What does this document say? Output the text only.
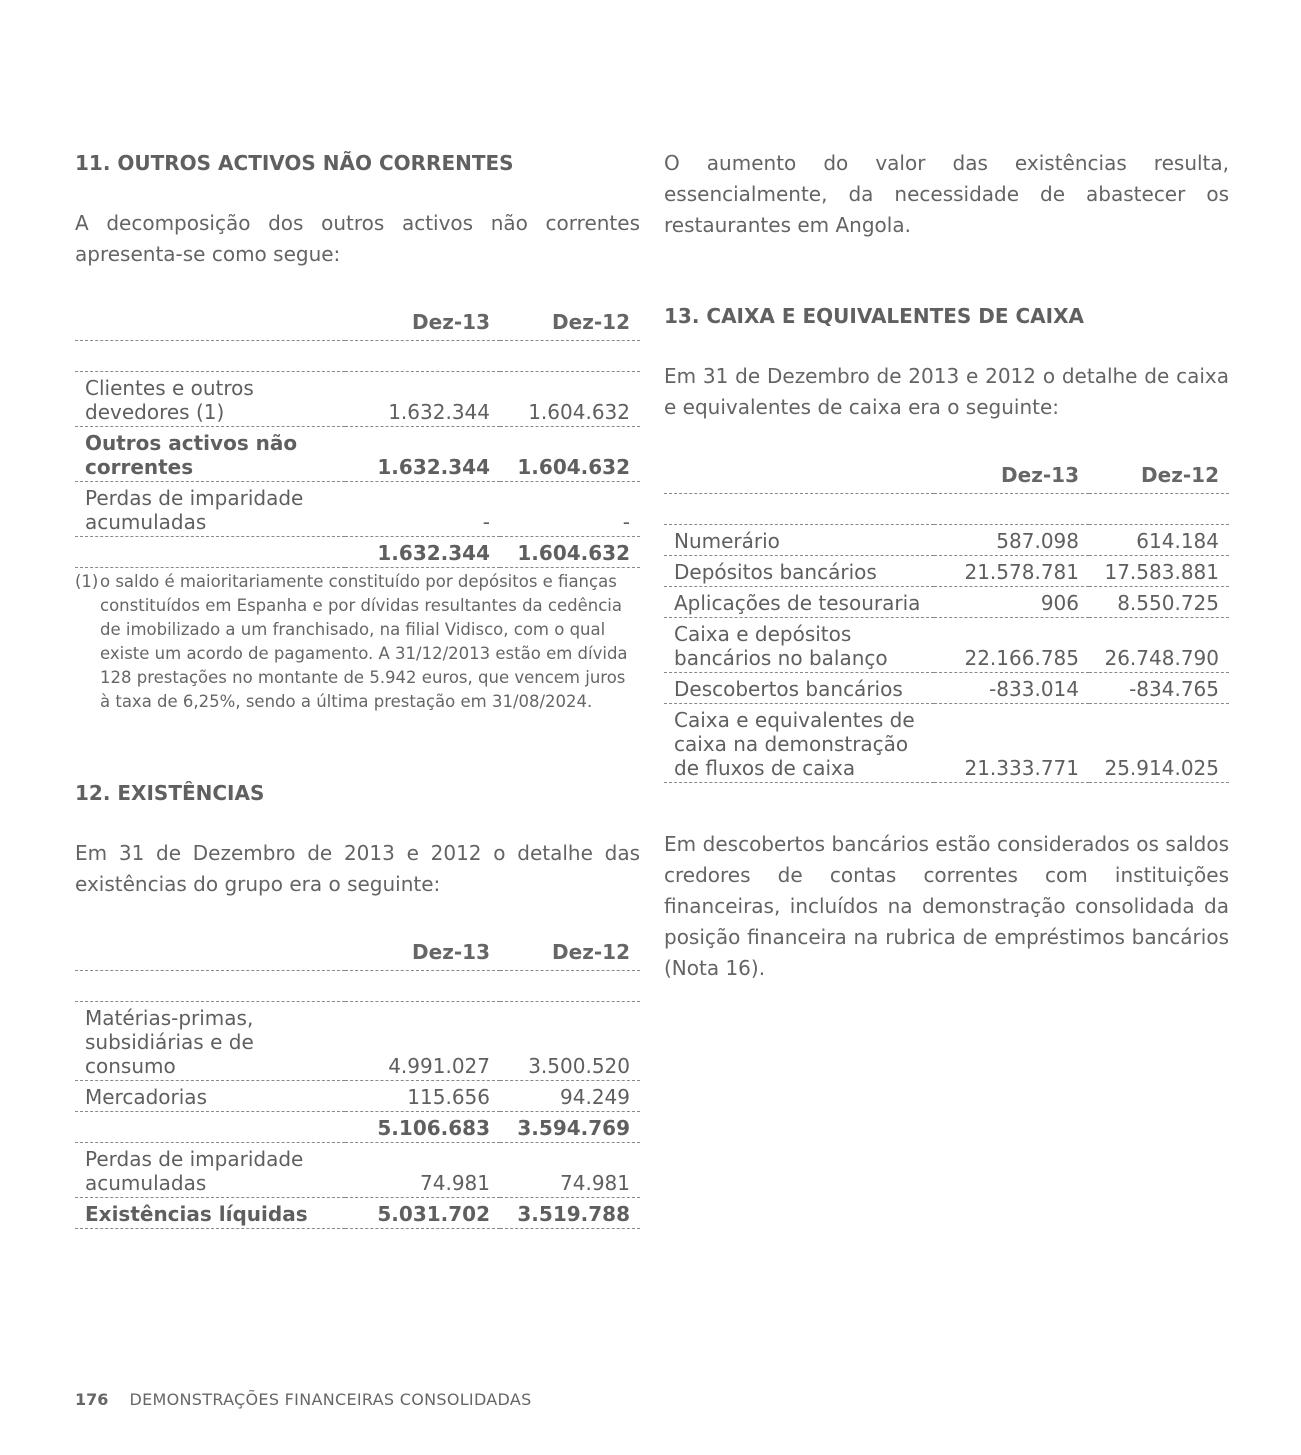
11. OUTROS ACTIVOS NÃO CORRENTES

A decomposição dos outros activos não correntes apresenta-se como segue:

	Dez-13	Dez-12

Clientes e outros devedores (1)	1.632.344	1.604.632
Outros activos não correntes	1.632.344	1.604.632
Perdas de imparidade acumuladas	-	-
	1.632.344	1.604.632

(1) o saldo é maioritariamente constituído por depósitos e fianças constituídos em Espanha e por dívidas resultantes da cedência de imobilizado a um franchisado, na filial Vidisco, com o qual existe um acordo de pagamento. A 31/12/2013 estão em dívida 128 prestações no montante de 5.942 euros, que vencem juros à taxa de 6,25%, sendo a última prestação em 31/08/2024.

12. EXISTÊNCIAS

Em 31 de Dezembro de 2013 e 2012 o detalhe das existências do grupo era o seguinte:

	Dez-13	Dez-12

Matérias-primas, subsidiárias e de consumo	4.991.027	3.500.520
Mercadorias	115.656	94.249
	5.106.683	3.594.769
Perdas de imparidade acumuladas	74.981	74.981
Existências líquidas	5.031.702	3.519.788

O aumento do valor das existências resulta, essencialmente, da necessidade de abastecer os restaurantes em Angola.

13. CAIXA E EQUIVALENTES DE CAIXA

Em 31 de Dezembro de 2013 e 2012 o detalhe de caixa e equivalentes de caixa era o seguinte:

	Dez-13	Dez-12

Numerário	587.098	614.184
Depósitos bancários	21.578.781	17.583.881
Aplicações de tesouraria	906	8.550.725
Caixa e depósitos bancários no balanço	22.166.785	26.748.790
Descobertos bancários	-833.014	-834.765
Caixa e equivalentes de caixa na demonstração de fluxos de caixa	21.333.771	25.914.025

Em descobertos bancários estão considerados os saldos credores de contas correntes com instituições financeiras, incluídos na demonstração consolidada da posição financeira na rubrica de empréstimos bancários (Nota 16).

176 DEMONSTRAÇÕES FINANCEIRAS CONSOLIDADAS
